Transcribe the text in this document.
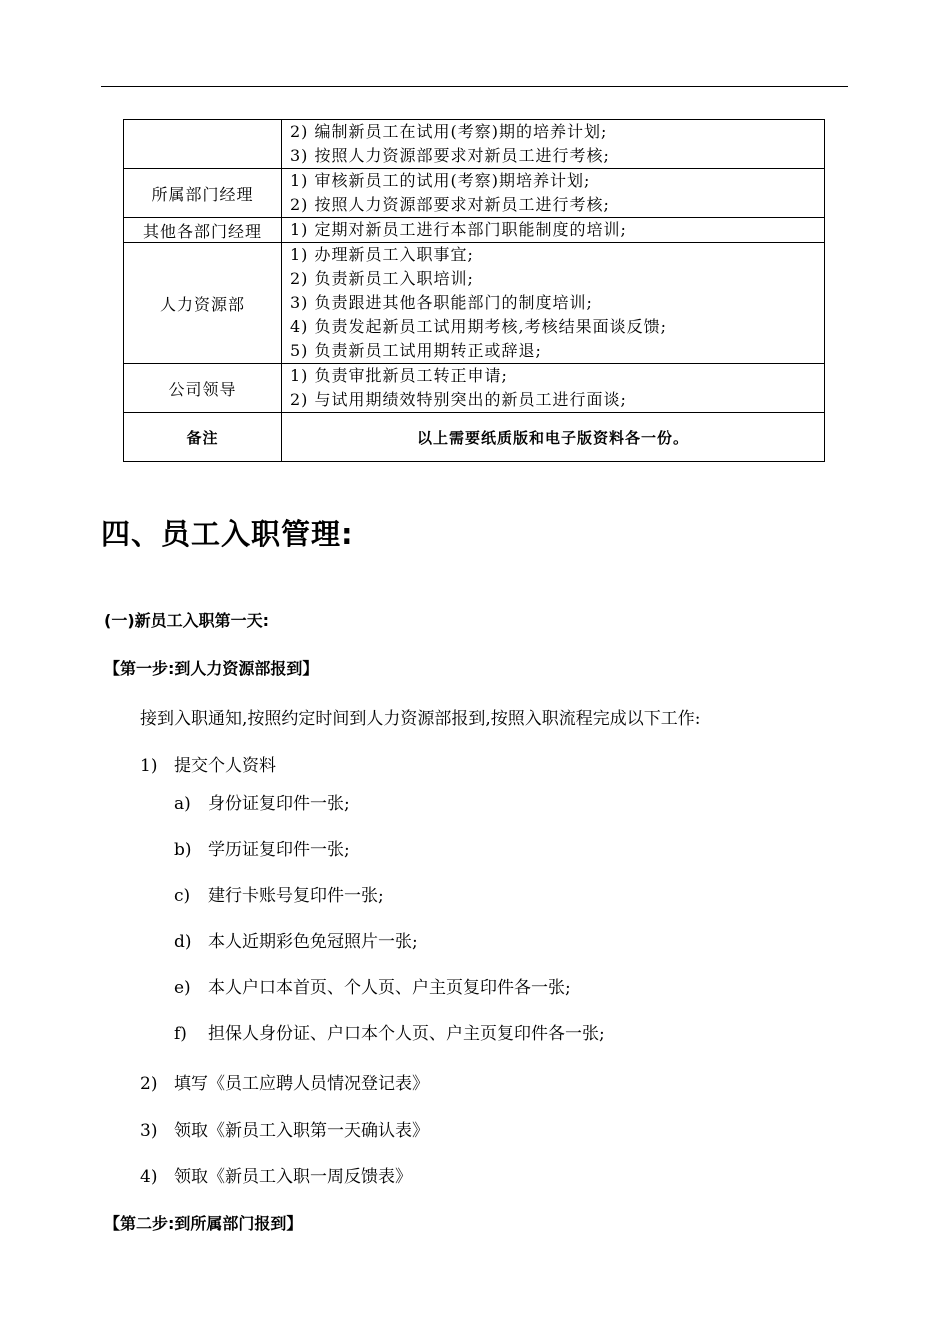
	2) 编制新员工在试用(考察)期的培养计划;
3) 按照人力资源部要求对新员工进行考核;

所属部门经理	1) 审核新员工的试用(考察)期培养计划;
2) 按照人力资源部要求对新员工进行考核;

其他各部门经理	1) 定期对新员工进行本部门职能制度的培训;

人力资源部	1) 办理新员工入职事宜;
2) 负责新员工入职培训;
3) 负责跟进其他各职能部门的制度培训;
4) 负责发起新员工试用期考核,考核结果面谈反馈;
5) 负责新员工试用期转正或辞退;

公司领导	1) 负责审批新员工转正申请;
2) 与试用期绩效特别突出的新员工进行面谈;

备注	以上需要纸质版和电子版资料各一份。
四、员工入职管理:
(一)新员工入职第一天:
【第一步:到人力资源部报到】
接到入职通知,按照约定时间到人力资源部报到,按照入职流程完成以下工作:
1) 提交个人资料
a) 身份证复印件一张;
b) 学历证复印件一张;
c) 建行卡账号复印件一张;
d) 本人近期彩色免冠照片一张;
e) 本人户口本首页、个人页、户主页复印件各一张;
f) 担保人身份证、户口本个人页、户主页复印件各一张;
2) 填写《员工应聘人员情况登记表》
3) 领取《新员工入职第一天确认表》
4) 领取《新员工入职一周反馈表》
【第二步:到所属部门报到】
